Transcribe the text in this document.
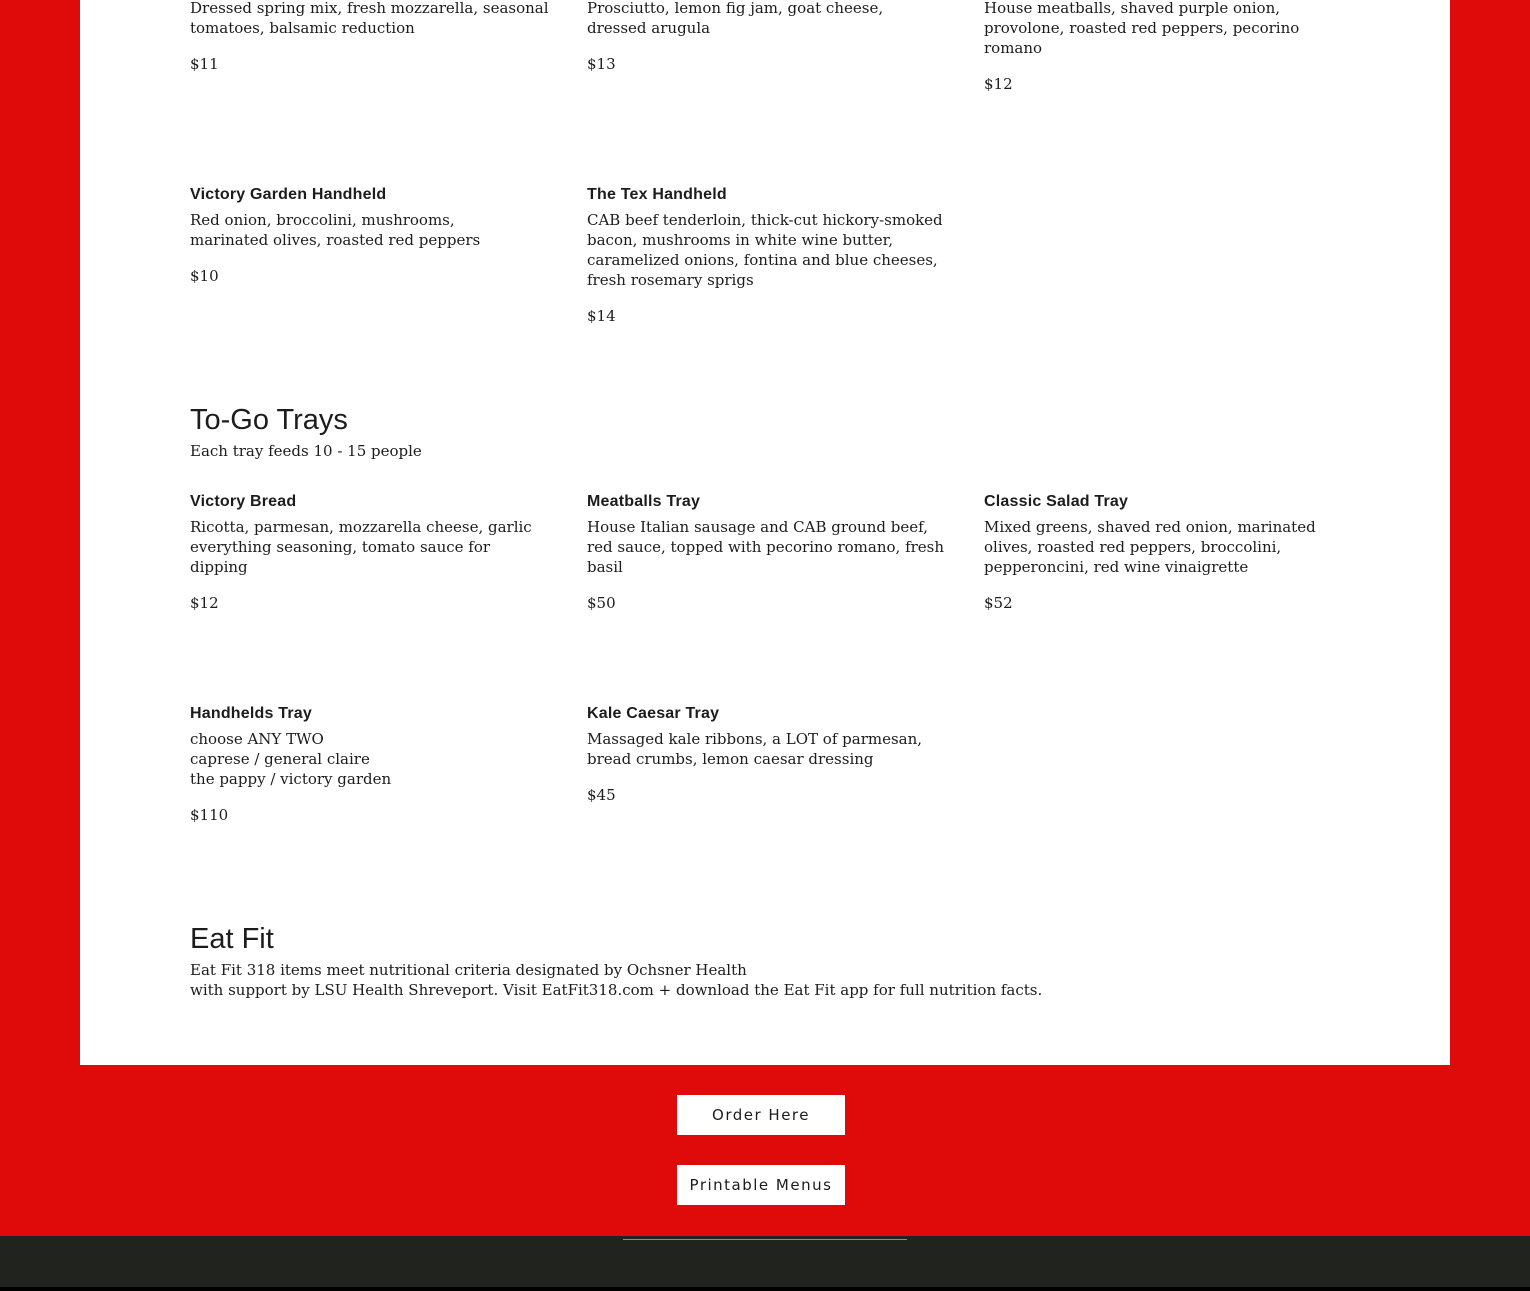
Dressed spring mix, fresh mozzarella, seasonal
tomatoes, balsamic reduction

$11

Prosciutto, lemon fig jam, goat cheese,
dressed arugula

$13

House meatballs, shaved purple onion,
provolone, roasted red peppers, pecorino
romano

$12

Victory Garden Handheld

Red onion, broccolini, mushrooms,
marinated olives, roasted red peppers

$10

The Tex Handheld

CAB beef tenderloin, thick-cut hickory-smoked
bacon, mushrooms in white wine butter,
caramelized onions, fontina and blue cheeses,
fresh rosemary sprigs

$14

To-Go Trays

Each tray feeds 10 - 15 people

Victory Bread

Ricotta, parmesan, mozzarella cheese, garlic
everything seasoning, tomato sauce for dipping

$12

Meatballs Tray

House Italian sausage and CAB ground beef,
red sauce, topped with pecorino romano, fresh
basil

$50

Classic Salad Tray

Mixed greens, shaved red onion, marinated
olives, roasted red peppers, broccolini,
pepperoncini, red wine vinaigrette

$52

Handhelds Tray

choose ANY TWO
caprese / general claire
the pappy / victory garden

$110

Kale Caesar Tray

Massaged kale ribbons, a LOT of parmesan,
bread crumbs, lemon caesar dressing

$45

Eat Fit

Eat Fit 318 items meet nutritional criteria designated by Ochsner Health
with support by LSU Health Shreveport. Visit EatFit318.com + download the Eat Fit app for full nutrition facts.

Order Here
Printable Menus
